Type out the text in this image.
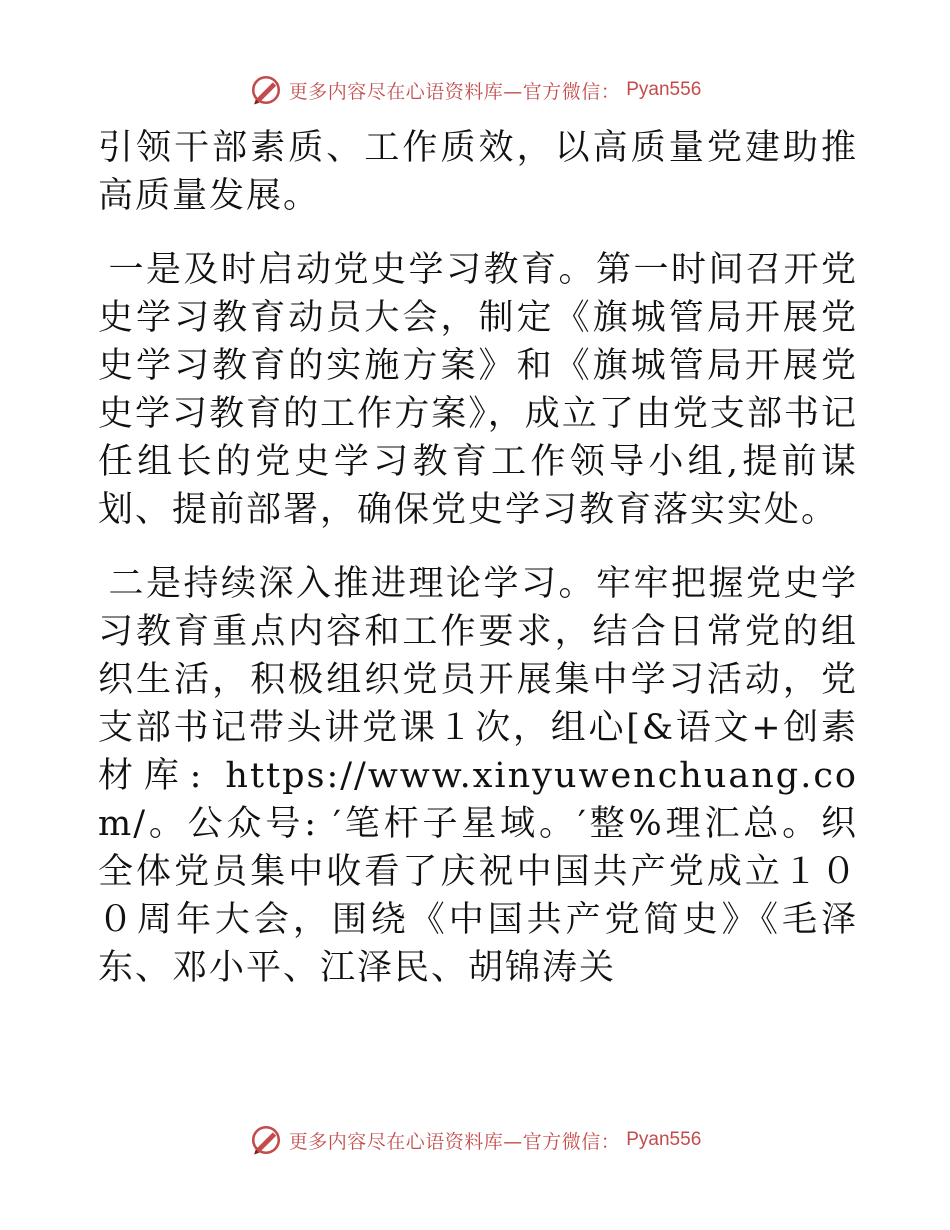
更多内容尽在心语资料库—官方微信： Pyan556

引领干部素质、工作质效，以高质量党建助推高质量发展。

一是及时启动党史学习教育。第一时间召开党史学习教育动员大会，制定《旗城管局开展党史学习教育的实施方案》和《旗城管局开展党史学习教育的工作方案》，成立了由党支部书记任组长的党史学习教育工作领导小组,提前谋划、提前部署，确保党史学习教育落实实处。

二是持续深入推进理论学习。牢牢把握党史学习教育重点内容和工作要求，结合日常党的组织生活，积极组织党员开展集中学习活动，党支部书记带头讲党课１次，组心[&语文+创素材库: https://www.xinyuwenchuang.com/。公众号: ′笔杆子星域。′整%理汇总。织全体党员集中收看了庆祝中国共产党成立１００周年大会，围绕《中国共产党简史》《毛泽东、邓小平、江泽民、胡锦涛关

更多内容尽在心语资料库—官方微信： Pyan556
